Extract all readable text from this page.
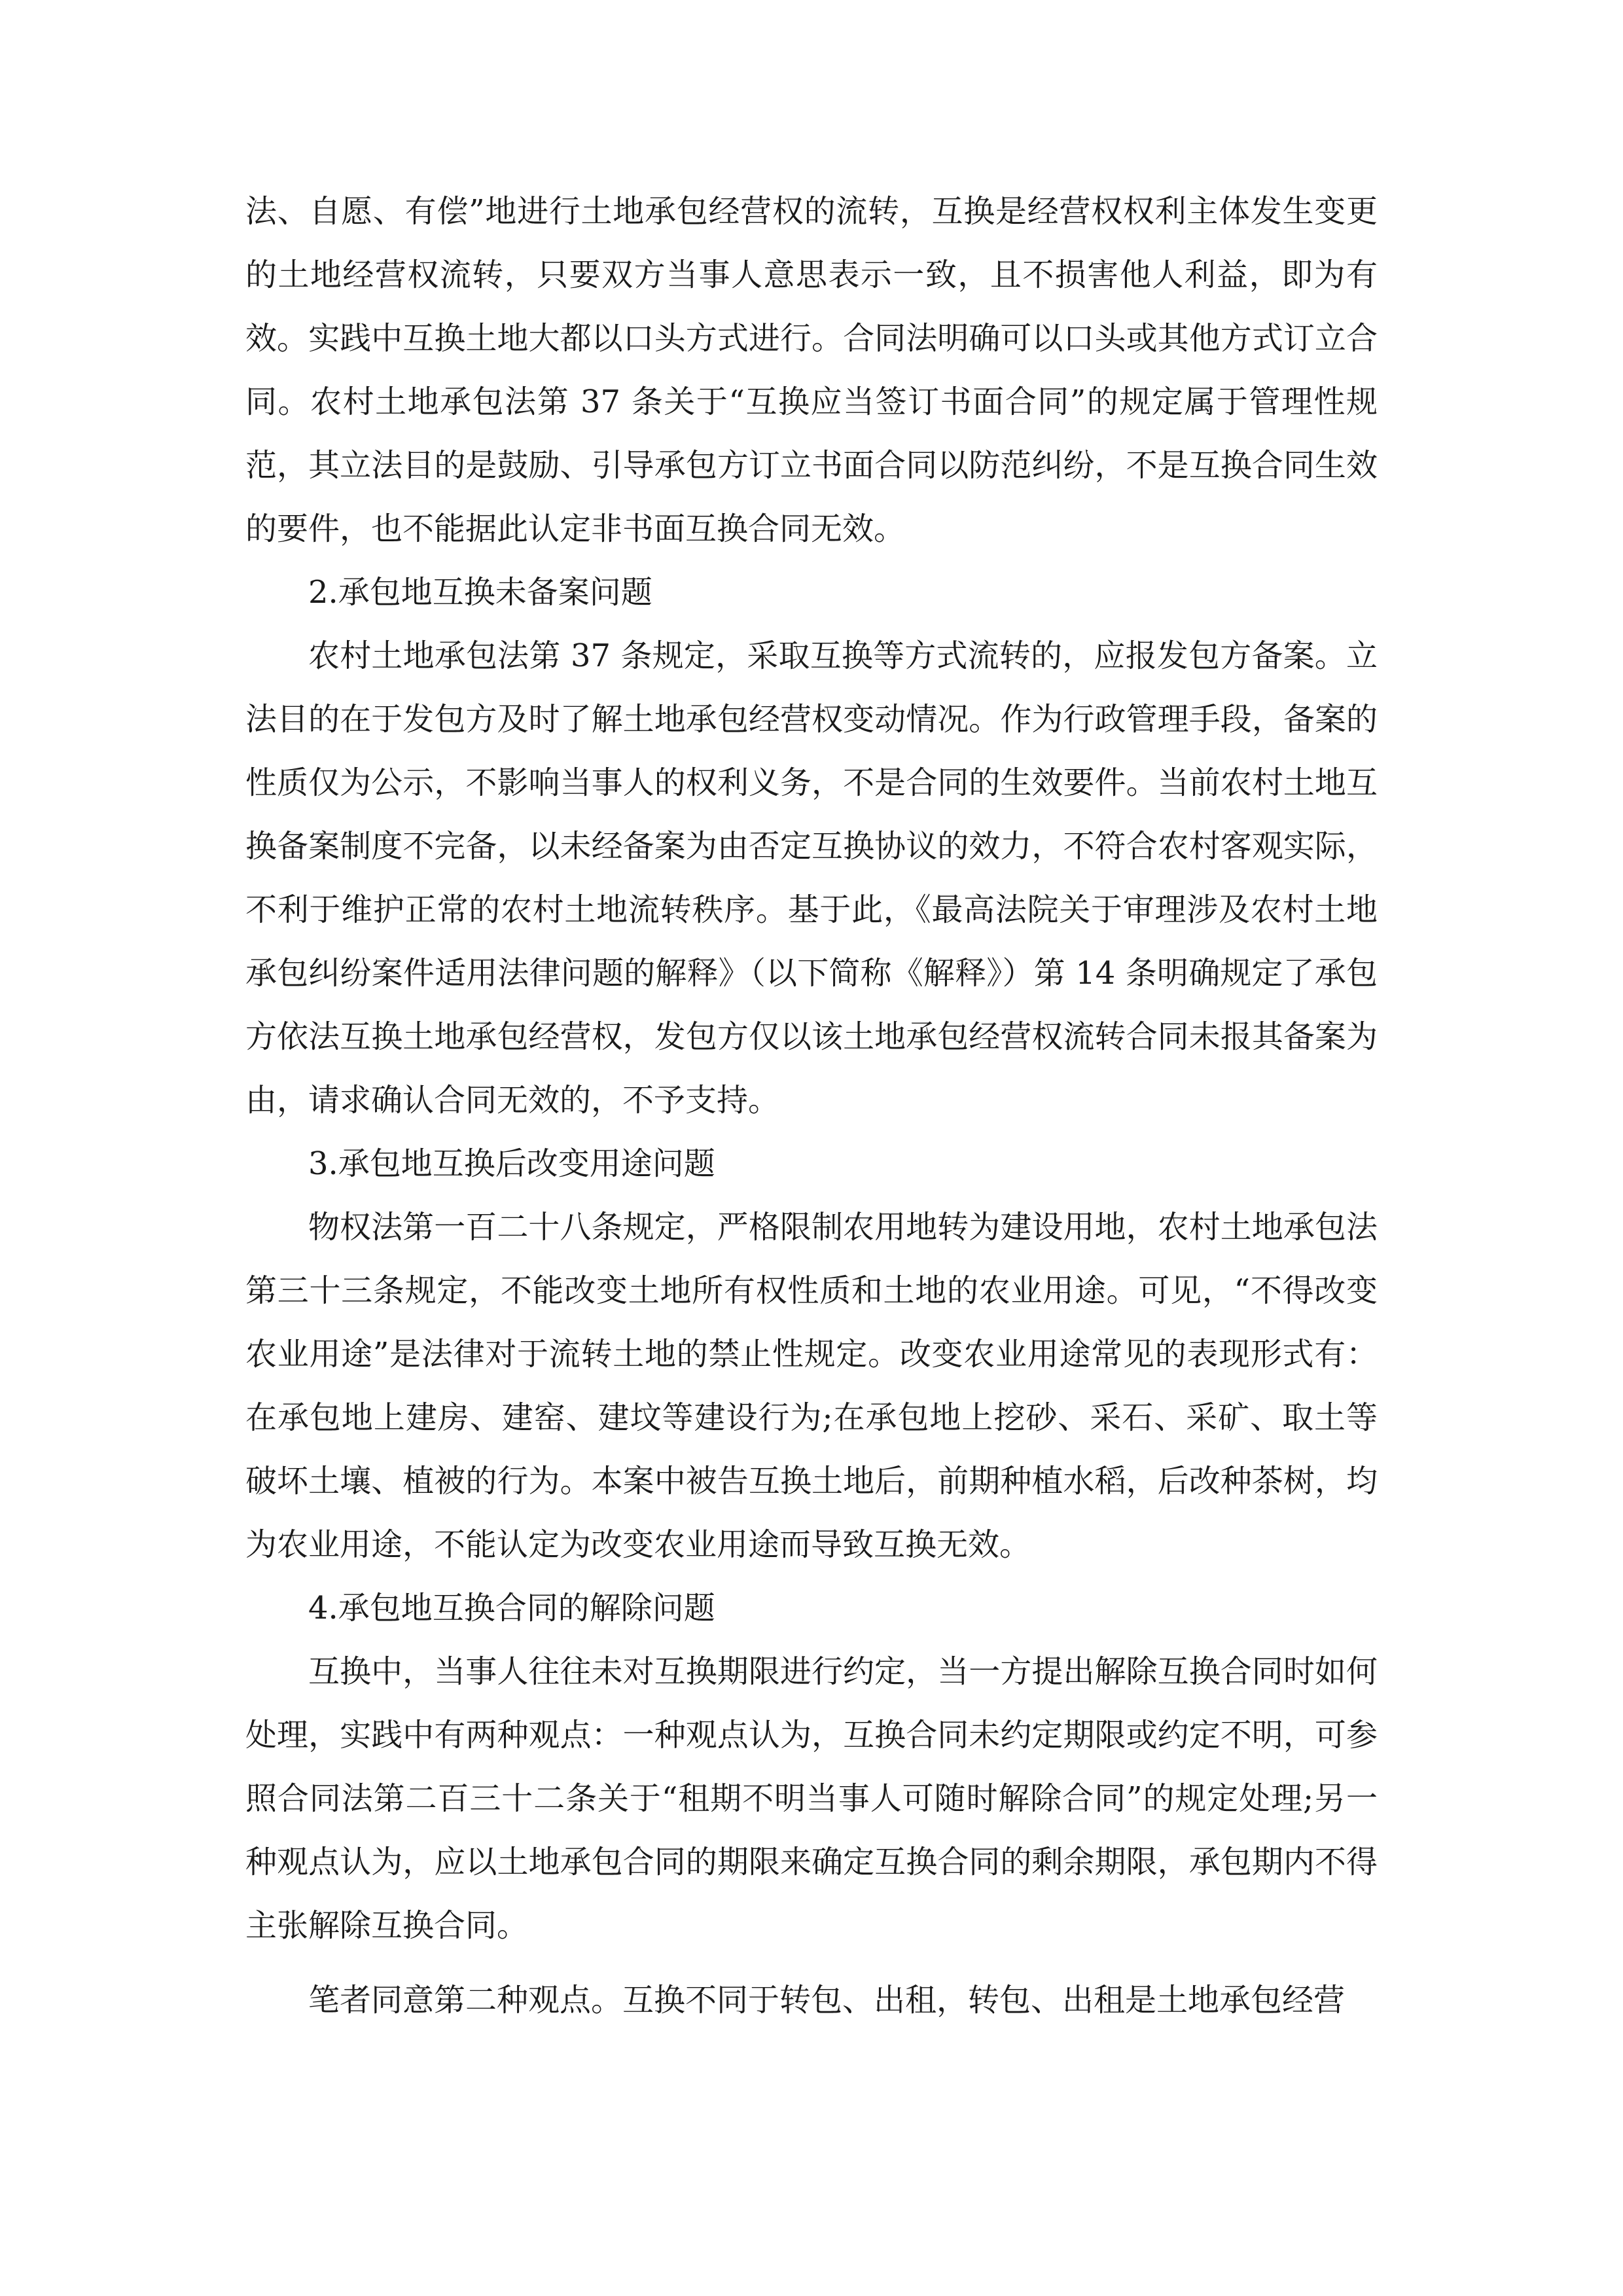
法、自愿、有偿”地进行土地承包经营权的流转，互换是经营权权利主体发生变更的土地经营权流转，只要双方当事人意思表示一致，且不损害他人利益，即为有效。实践中互换土地大都以口头方式进行。合同法明确可以口头或其他方式订立合同。农村土地承包法第 37 条关于“互换应当签订书面合同”的规定属于管理性规范，其立法目的是鼓励、引导承包方订立书面合同以防范纠纷，不是互换合同生效的要件，也不能据此认定非书面互换合同无效。

2.承包地互换未备案问题

农村土地承包法第 37 条规定，采取互换等方式流转的，应报发包方备案。立法目的在于发包方及时了解土地承包经营权变动情况。作为行政管理手段，备案的性质仅为公示，不影响当事人的权利义务，不是合同的生效要件。当前农村土地互换备案制度不完备，以未经备案为由否定互换协议的效力，不符合农村客观实际，不利于维护正常的农村土地流转秩序。基于此，《最高法院关于审理涉及农村土地承包纠纷案件适用法律问题的解释》（以下简称《解释》）第 14 条明确规定了承包方依法互换土地承包经营权，发包方仅以该土地承包经营权流转合同未报其备案为由，请求确认合同无效的，不予支持。

3.承包地互换后改变用途问题

物权法第一百二十八条规定，严格限制农用地转为建设用地，农村土地承包法第三十三条规定，不能改变土地所有权性质和土地的农业用途。可见，“不得改变农业用途”是法律对于流转土地的禁止性规定。改变农业用途常见的表现形式有：在承包地上建房、建窑、建坟等建设行为;在承包地上挖砂、采石、采矿、取土等破坏土壤、植被的行为。本案中被告互换土地后，前期种植水稻，后改种茶树，均为农业用途，不能认定为改变农业用途而导致互换无效。

4.承包地互换合同的解除问题

互换中，当事人往往未对互换期限进行约定，当一方提出解除互换合同时如何处理，实践中有两种观点：一种观点认为，互换合同未约定期限或约定不明，可参照合同法第二百三十二条关于“租期不明当事人可随时解除合同”的规定处理;另一种观点认为，应以土地承包合同的期限来确定互换合同的剩余期限，承包期内不得主张解除互换合同。

笔者同意第二种观点。互换不同于转包、出租，转包、出租是土地承包经营
